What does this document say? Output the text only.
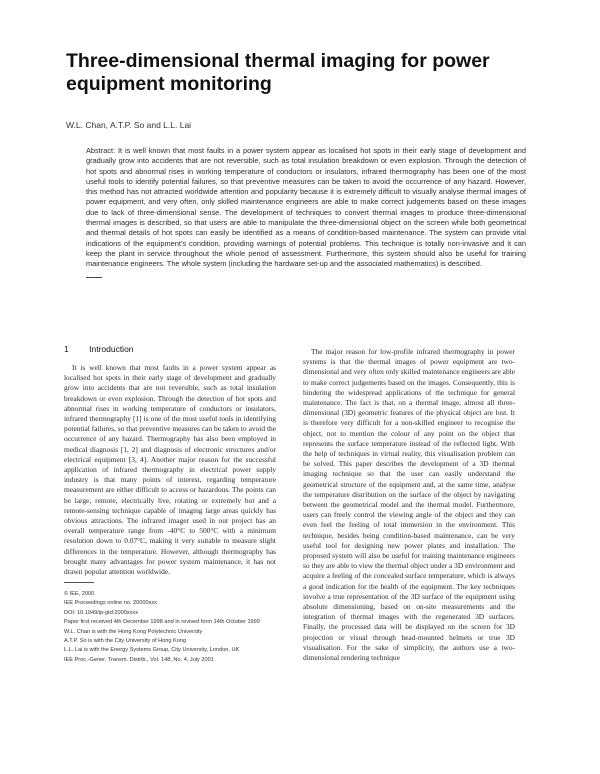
Three-dimensional thermal imaging for power equipment monitoring
W.L. Chan, A.T.P. So and L.L. Lai
Abstract: It is well known that most faults in a power system appear as localised hot spots in their early stage of development and gradually grow into accidents that are not reversible, such as total insulation breakdown or even explosion. Through the detection of hot spots and abnormal rises in working temperature of conductors or insulators, infrared thermography has been one of the most useful tools to identify potential failures, so that preventive measures can be taken to avoid the occurrence of any hazard. However, this method has not attracted worldwide attention and popularity because it is extremely difficult to visually analyse thermal images of power equipment, and very often, only skilled maintenance engineers are able to make correct judgements based on these images due to lack of three-dimensional sense. The development of techniques to convert thermal images to produce three-dimensional thermal images is described, so that users are able to manipulate the three-dimensional object on the screen while both geometrical and thermal details of hot spots can easily be identified as a means of condition-based maintenance. The system can provide vital indications of the equipment's condition, providing warnings of potential problems. This technique is totally non-invasive and it can keep the plant in service throughout the whole period of assessment. Furthermore, this system should also be useful for training maintenance engineers. The whole system (including the hardware set-up and the associated mathematics) is described.
1 Introduction

It is well known that most faults in a power system appear as localised hot spots in their early stage of development and gradually grow into accidents that are not reversible, such as total insulation breakdown or even explosion. Through the detection of hot spots and abnormal rises in working temperature of conductors or insulators, infrared thermography [1] is one of the most useful tools in identifying potential failures, so that preventive measures can be taken to avoid the occurrence of any hazard. Thermography has also been employed in medical diagnosis [1, 2] and diagnosis of electronic structures and/or electrical equipment [3, 4]. Another major reason for the successful application of infrared thermography in electrical power supply industry is that many points of interest, regarding temperature measurement are either difficult to access or hazardous. The points can be large, remote, electrically live, rotating or extremely hot and a remote-sensing technique capable of imaging large areas quickly has obvious attractions. The infrared imager used in our project has an overall temperature range from -40°C to 500°C with a minimum resolution down to 0.07°C, making it very suitable to measure slight differences in the temperature. However, although thermography has brought many advantages for power system maintenance, it has not drawn popular attention worldwide.

The major reason for low-profile infrared thermography in power systems is that the thermal images of power equipment are two-dimensional and very often only skilled maintenance engineers are able to make correct judgements based on the images. Consequently, this is hindering the widespread applications of the technique for general maintenance. The fact is that, on a thermal image, almost all three-dimensional (3D) geometric features of the physical object are lost. It is therefore very difficult for a non-skilled engineer to recognise the object, not to mention the colour of any point on the object that represents the surface temperature instead of the reflected light. With the help of techniques in virtual reality, this visualisation problem can be solved. This paper describes the development of a 3D thermal imaging technique so that the user can easily understand the geometrical structure of the equipment and, at the same time, analyse the temperature distribution on the surface of the object by navigating between the geometrical model and the thermal model. Furthermore, users can freely control the viewing angle of the object and they can even feel the feeling of total immersion in the environment. This technique, besides being condition-based maintenance, can be very useful tool for designing new power plants and installation. The proposed system will also be useful for training maintenance engineers so they are able to view the thermal object under a 3D environment and acquire a feeling of the concealed surface temperature, which is always a good indication for the health of the equipment. The key techniques involve a true representation of the 3D surface of the equipment using absolute dimensioning, based on on-site measurements and the integration of thermal images with the regenerated 3D surfaces. Finally, the processed data will be displayed on the screen for 3D projection or visual through head-mounted helmets or true 3D visualisation. For the sake of simplicity, the authors use a two-dimensional rendering technique

© IEE, 2000
IEE Proceedings online no. 20000xxx
DOI: 10.1049/ip-gtd:2000xxxx
Paper first received 4th December 1998 and in revised form 14th October 1999
W.L. Chan is with the Hong Kong Polytechnic University
A.T.P. So is with the City University of Hong Kong
L.L. Lai is with the Energy Systems Group, City University, London, UK
IEE Proc.-Gener. Transm. Distrib., Vol. 148, No. 4, July 2001
